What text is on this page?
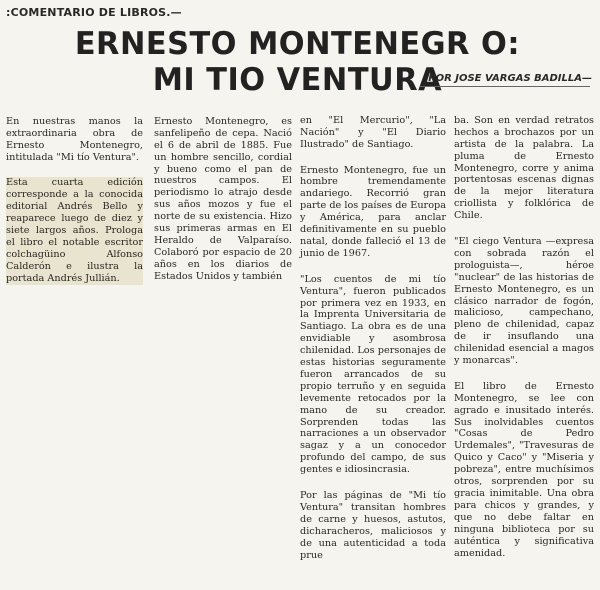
:COMENTARIO DE LIBROS.—
ERNESTO MONTENEGR O: MI TIO VENTURA
POR JOSE VARGAS BADILLA—

En nuestras manos la extraordinaria obra de Ernesto Montenegro, intitulada "Mi tío Ventura".

Esta cuarta edición corresponde a la conocida editorial Andrés Bello y reaparece luego de diez y siete largos años. Prologa el libro el notable escritor colchagüino Alfonso Calderón e ilustra la portada Andrés Jullián.

Ernesto Montenegro, es sanfelipeño de cepa. Nació el 6 de abril de 1885. Fue un hombre sencillo, cordial y bueno como el pan de nuestros campos. El periodismo lo atrajo desde sus años mozos y fue el norte de su existencia. Hizo sus primeras armas en El Heraldo de Valparaíso. Colaboró por espacio de 20 años en los diarios de Estados Unidos y también

en "El Mercurio", "La Nación" y "El Diario Ilustrado" de Santiago.

Ernesto Montenegro, fue un hombre tremendamente andariego. Recorrió gran parte de los países de Europa y América, para anclar definitivamente en su pueblo natal, donde falleció el 13 de junio de 1967.

"Los cuentos de mi tío Ventura", fueron publicados por primera vez en 1933, en la Imprenta Universitaria de Santiago. La obra es de una envidiable y asombrosa chilenidad. Los personajes de estas historias seguramente fueron arrancados de su propio terruño y en seguida levemente retocados por la mano de su creador. Sorprenden todas las narraciones a un observador sagaz y a un conocedor profundo del campo, de sus gentes e idiosincrasia.

Por las páginas de "Mi tío Ventura" transitan hombres de carne y huesos, astutos, dicharacheros, maliciosos y de una autenticidad a toda prue

ba. Son en verdad retratos hechos a brochazos por un artista de la palabra. La pluma de Ernesto Montenegro, corre y anima portentosas escenas dignas de la mejor literatura criollista y folklórica de Chile.

"El ciego Ventura —expresa con sobrada razón el prologuista—, héroe "nuclear" de las historias de Ernesto Montenegro, es un clásico narrador de fogón, malicioso, campechano, pleno de chilenidad, capaz de ir insuflando una chilenidad esencial a magos y monarcas".

El libro de Ernesto Montenegro, se lee con agrado e inusitado interés. Sus inolvidables cuentos "Cosas de Pedro Urdemales", "Travesuras de Quico y Caco" y "Miseria y pobreza", entre muchísimos otros, sorprenden por su gracia inimitable. Una obra para chicos y grandes, y que no debe faltar en ninguna biblioteca por su auténtica y significativa amenidad.
